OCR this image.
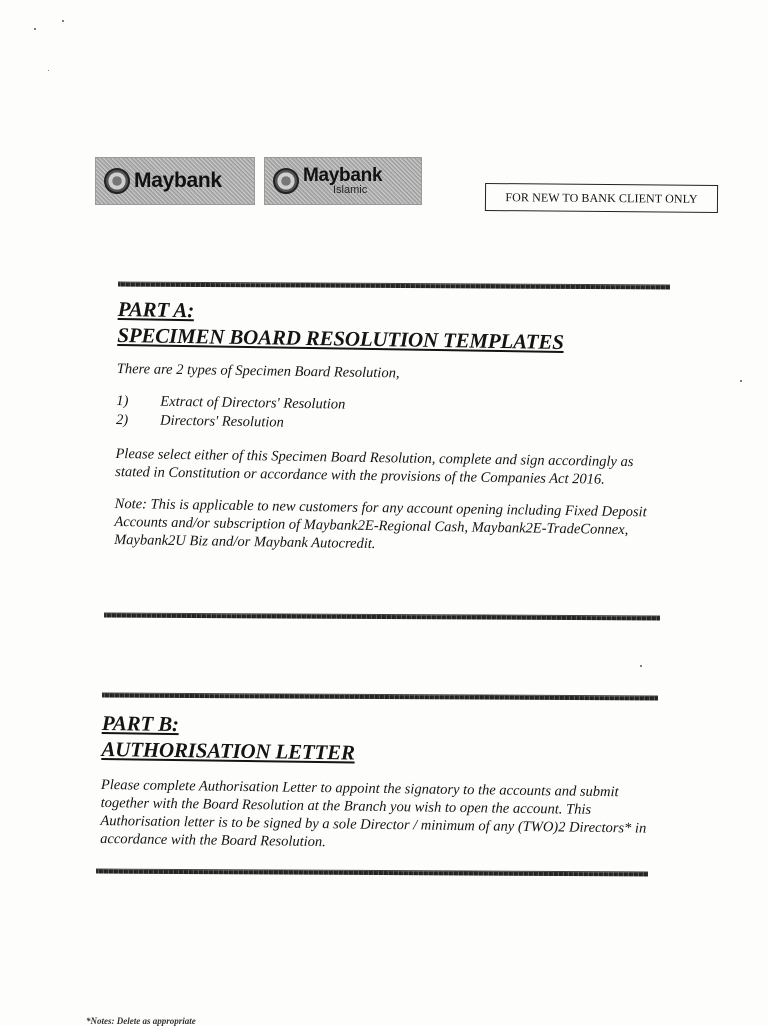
Maybank	Maybank
Islamic	FOR NEW TO BANK CLIENT ONLY

PART A:

SPECIMEN BOARD RESOLUTION TEMPLATES

There are 2 types of Specimen Board Resolution,

1)	Extract of Directors' Resolution
2)	Directors' Resolution

Please select either of this Specimen Board Resolution, complete and sign accordingly as stated in Constitution or accordance with the provisions of the Companies Act 2016.

Note: This is applicable to new customers for any account opening including Fixed Deposit Accounts and/or subscription of Maybank2E-Regional Cash, Maybank2E-TradeConnex, Maybank2U Biz and/or Maybank Autocredit.

PART B:

AUTHORISATION LETTER

Please complete Authorisation Letter to appoint the signatory to the accounts and submit together with the Board Resolution at the Branch you wish to open the account. This Authorisation letter is to be signed by a sole Director / minimum of any (TWO)2 Directors* in accordance with the Board Resolution.

*Notes: Delete as appropriate
